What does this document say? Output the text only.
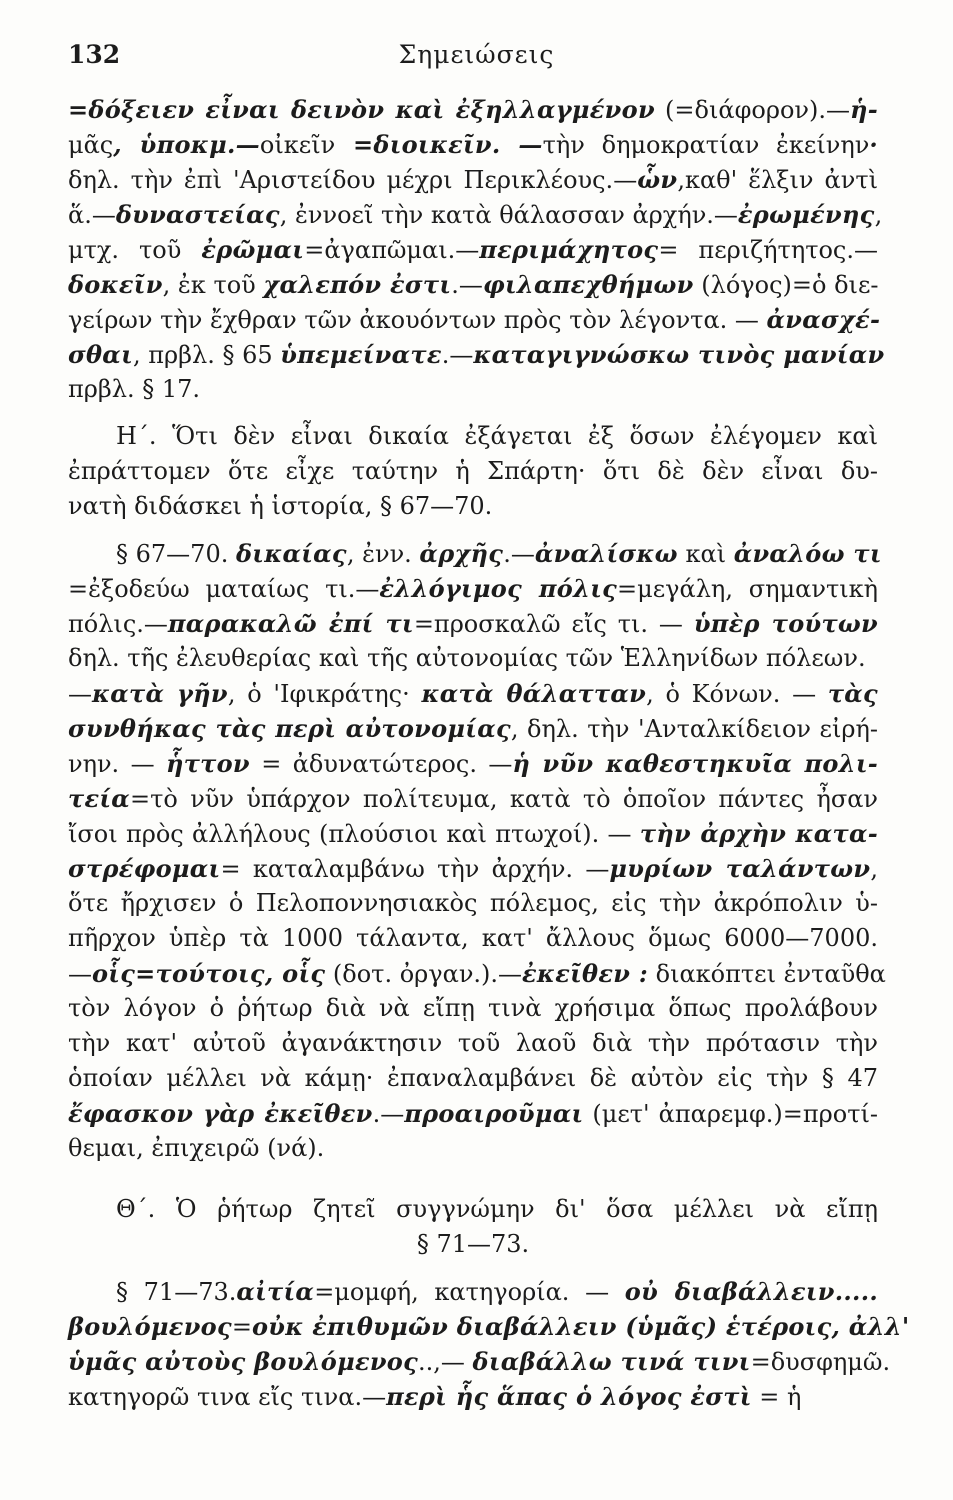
132	Σημειώσεις
=δόξειεν εἶναι δεινὸν καὶ ἐξηλλαγμένον (=διάφορον).—ἡ-
μᾶς, ὑποκμ.—οἰκεῖν =διοικεῖν. —τὴν δημοκρατίαν ἐκείνην·
δηλ. τὴν ἐπὶ 'Αριστείδου μέχρι Περικλέους.—ὧν,καθ' ἕλξιν ἀντὶ
ἅ.—δυναστείας, ἐννοεῖ τὴν κατὰ θάλασσαν ἀρχήν.—ἐρωμένης,
μτχ. τοῦ ἐρῶμαι=ἀγαπῶμαι.—περιμάχητος= περιζήτητος.—
δοκεῖν, ἐκ τοῦ χαλεπόν ἐστι.—φιλαπεχθήμων (λόγος)=ὁ διε-
γείρων τὴν ἔχθραν τῶν ἀκουόντων πρὸς τὸν λέγοντα. — ἀνασχέ-
σθαι, πρβλ. § 65 ὑπεμείνατε.—καταγιγνώσκω τινὸς μανίαν
πρβλ. § 17.
Η΄. Ὅτι δὲν εἶναι δικαία ἐξάγεται ἐξ ὅσων ἐλέγομεν καὶ
ἐπράττομεν ὅτε εἶχε ταύτην ἡ Σπάρτη· ὅτι δὲ δὲν εἶναι δυ-
νατὴ διδάσκει ἡ ἱστορία, § 67—70.
§ 67—70. δικαίας, ἐνν. ἀρχῆς.—ἀναλίσκω καὶ ἀναλόω τι
=ἐξοδεύω ματαίως τι.—ἐλλόγιμος πόλις=μεγάλη, σημαντικὴ
πόλις.—παρακαλῶ ἐπί τι=προσκαλῶ εἴς τι. — ὑπὲρ τούτων
δηλ. τῆς ἐλευθερίας καὶ τῆς αὐτονομίας τῶν Ἑλληνίδων πόλεων.
—κατὰ γῆν, ὁ 'Ιφικράτης· κατὰ θάλατταν, ὁ Κόνων. — τὰς
συνθήκας τὰς περὶ αὐτονομίας, δηλ. τὴν 'Ανταλκίδειον εἰρή-
νην. — ἧττον = ἀδυνατώτερος. —ἡ νῦν καθεστηκυῖα πολι-
τεία=τὸ νῦν ὑπάρχον πολίτευμα, κατὰ τὸ ὁποῖον πάντες ἦσαν
ἴσοι πρὸς ἀλλήλους (πλούσιοι καὶ πτωχοί). — τὴν ἀρχὴν κατα-
στρέφομαι= καταλαμβάνω τὴν ἀρχήν. —μυρίων ταλάντων,
ὅτε ἤρχισεν ὁ Πελοποννησιακὸς πόλεμος, εἰς τὴν ἀκρόπολιν ὑ-
πῆρχον ὑπὲρ τὰ 1000 τάλαντα, κατ' ἄλλους ὅμως 6000—7000.
—οἷς=τούτοις, οἷς (δοτ. ὀργαν.).—ἐκεῖθεν : διακόπτει ἐνταῦθα
τὸν λόγον ὁ ῥήτωρ διὰ νὰ εἴπῃ τινὰ χρήσιμα ὅπως προλάβουν
τὴν κατ' αὐτοῦ ἀγανάκτησιν τοῦ λαοῦ διὰ τὴν πρότασιν τὴν
ὁποίαν μέλλει νὰ κάμῃ· ἐπαναλαμβάνει δὲ αὐτὸν εἰς τὴν § 47
ἔφασκον γὰρ ἐκεῖθεν.—προαιροῦμαι (μετ' ἀπαρεμφ.)=προτί-
θεμαι, ἐπιχειρῶ (νά).
Θ΄. Ὁ ῥήτωρ ζητεῖ συγγνώμην δι' ὅσα μέλλει νὰ εἴπῃ
§ 71—73.
§ 71—73.αἰτία=μομφή, κατηγορία. — οὐ διαβάλλειν.....
βουλόμενος=οὐκ ἐπιθυμῶν διαβάλλειν (ὑμᾶς) ἑτέροις, ἀλλ'
ὑμᾶς αὐτοὺς βουλόμενος..,— διαβάλλω τινά τινι=δυσφημῶ.
κατηγορῶ τινα εἴς τινα.—περὶ ἧς ἅπας ὁ λόγος ἐστὶ = ἡ
